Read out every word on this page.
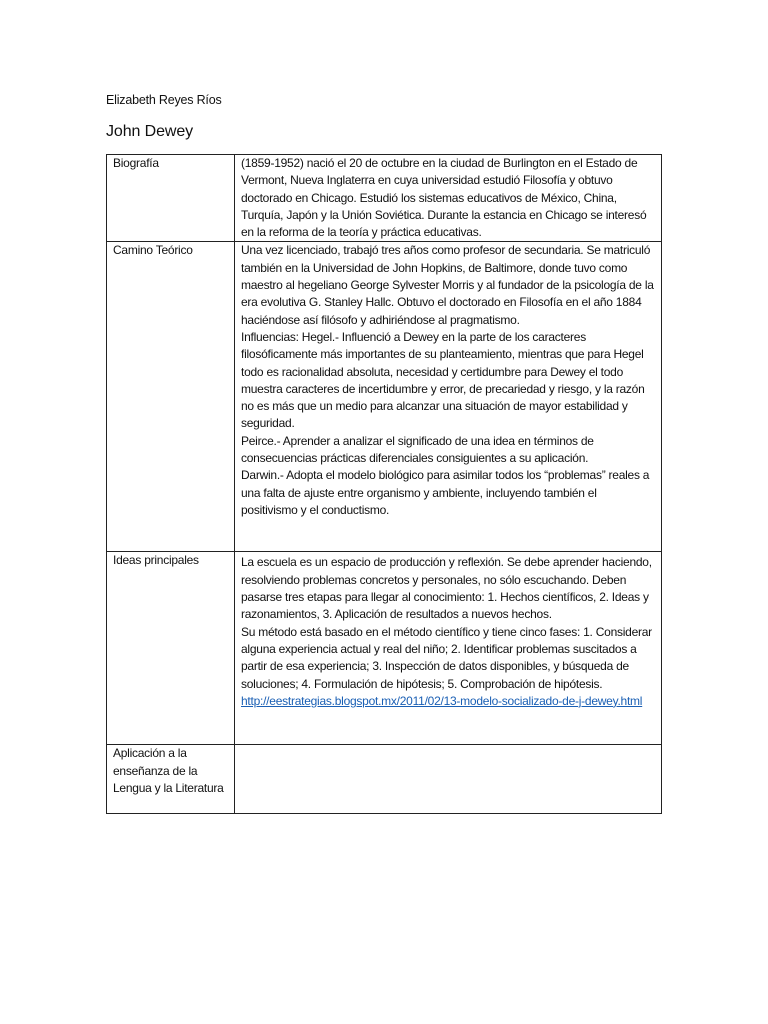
Elizabeth Reyes Ríos
John Dewey
Biografía	(1859-1952) nació el 20 de octubre en la ciudad de Burlington en el Estado de Vermont, Nueva Inglaterra en cuya universidad estudió Filosofía y obtuvo doctorado en Chicago. Estudió los sistemas educativos de México, China, Turquía, Japón y la Unión Soviética. Durante la estancia en Chicago se interesó en la reforma de la teoría y práctica educativas.

Camino Teórico	Una vez licenciado, trabajó tres años como profesor de secundaria. Se matriculó también en la Universidad de John Hopkins, de Baltimore, donde tuvo como maestro al hegeliano George Sylvester Morris y al fundador de la psicología de la era evolutiva G. Stanley Hallc. Obtuvo el doctorado en Filosofía en el año 1884 haciéndose así filósofo y adhiriéndose al pragmatismo.

Influencias: Hegel.- Influenció a Dewey en la parte de los caracteres filosóficamente más importantes de su planteamiento, mientras que para Hegel todo es racionalidad absoluta, necesidad y certidumbre para Dewey el todo muestra caracteres de incertidumbre y error, de precariedad y riesgo, y la razón no es más que un medio para alcanzar una situación de mayor estabilidad y seguridad.

Peirce.- Aprender a analizar el significado de una idea en términos de consecuencias prácticas diferenciales consiguientes a su aplicación.

Darwin.- Adopta el modelo biológico para asimilar todos los “problemas” reales a una falta de ajuste entre organismo y ambiente, incluyendo también el positivismo y el conductismo.

Ideas principales	La escuela es un espacio de producción y reflexión. Se debe aprender haciendo, resolviendo problemas concretos y personales, no sólo escuchando. Deben pasarse tres etapas para llegar al conocimiento: 1. Hechos científicos, 2. Ideas y razonamientos, 3. Aplicación de resultados a nuevos hechos.

Su método está basado en el método científico y tiene cinco fases: 1. Considerar alguna experiencia actual y real del niño; 2. Identificar problemas suscitados a partir de esa experiencia; 3. Inspección de datos disponibles, y búsqueda de soluciones; 4. Formulación de hipótesis; 5. Comprobación de hipótesis.  http://eestrategias.blogspot.mx/2011/02/13-modelo-socializado-de-j-dewey.html

Aplicación a la enseñanza de la Lengua y la Literatura	
